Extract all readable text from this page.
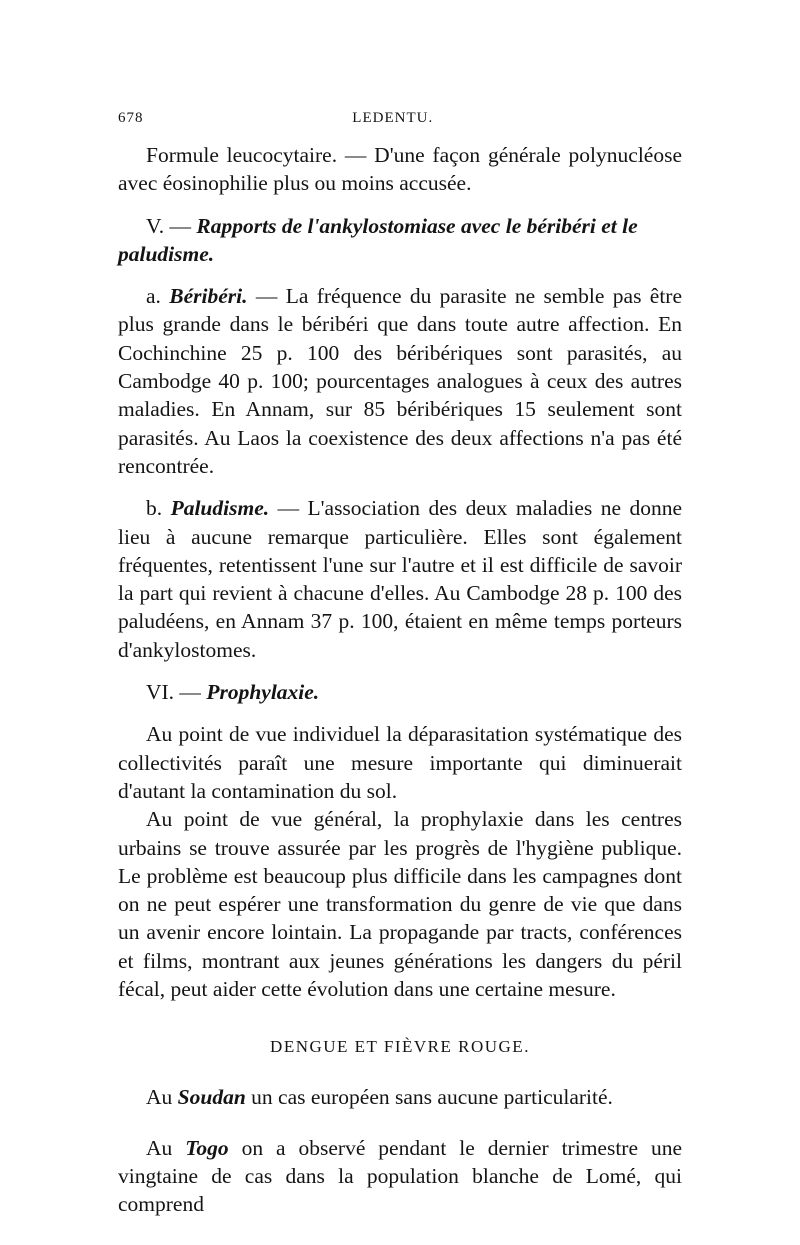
678	LEDENTU.

Formule leucocytaire. — D'une façon générale polynucléose avec éosinophilie plus ou moins accusée.

V. — Rapports de l'ankylostomiase avec le béribéri et le paludisme.

a. Béribéri. — La fréquence du parasite ne semble pas être plus grande dans le béribéri que dans toute autre affection. En Cochinchine 25 p. 100 des béribériques sont parasités, au Cambodge 40 p. 100; pourcentages analogues à ceux des autres maladies. En Annam, sur 85 béribériques 15 seulement sont parasités. Au Laos la coexistence des deux affections n'a pas été rencontrée.

b. Paludisme. — L'association des deux maladies ne donne lieu à aucune remarque particulière. Elles sont également fréquentes, retentissent l'une sur l'autre et il est difficile de savoir la part qui revient à chacune d'elles. Au Cambodge 28 p. 100 des paludéens, en Annam 37 p. 100, étaient en même temps porteurs d'ankylostomes.

VI. — Prophylaxie.

Au point de vue individuel la déparasitation systématique des collectivités paraît une mesure importante qui diminuerait d'autant la contamination du sol.

Au point de vue général, la prophylaxie dans les centres urbains se trouve assurée par les progrès de l'hygiène publique. Le problème est beaucoup plus difficile dans les campagnes dont on ne peut espérer une transformation du genre de vie que dans un avenir encore lointain. La propagande par tracts, conférences et films, montrant aux jeunes générations les dangers du péril fécal, peut aider cette évolution dans une certaine mesure.

DENGUE ET FIÈVRE ROUGE.

Au Soudan un cas européen sans aucune particularité.

Au Togo on a observé pendant le dernier trimestre une vingtaine de cas dans la population blanche de Lomé, qui comprend
